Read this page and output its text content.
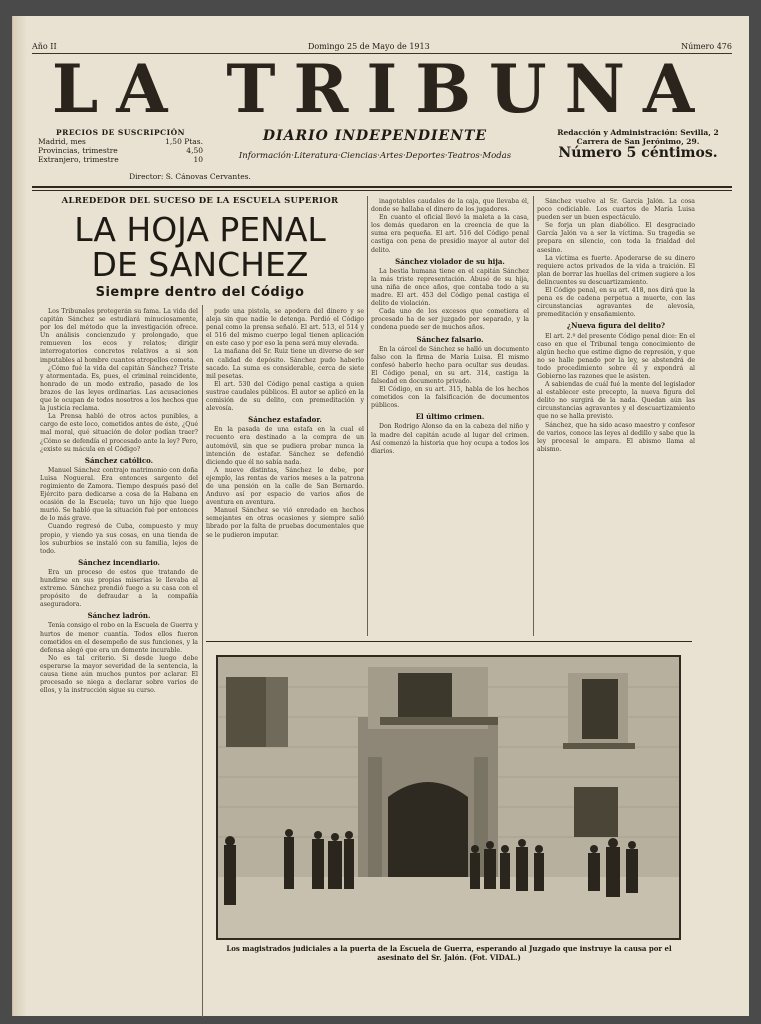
Año II	Domingo 25 de Mayo de 1913	Número 476
LA TRIBUNA
PRECIOS DE SUSCRIPCIÓN
Madrid, mes	1,50 Ptas.
Provincias, trimestre	4,50
Extranjero, trimestre	10
DIARIO INDEPENDIENTE
Información·Literatura·Ciencias·Artes·Deportes·Teatros·Modas
Redacción y Administración: Sevilla, 2
Carrera de San Jerónimo, 29.
Número 5 céntimos.
Director: S. Cánovas Cervantes.
ALREDEDOR DEL SUCESO DE LA ESCUELA SUPERIOR
LA HOJA PENAL
DE SANCHEZ
Siempre dentro del Código

Los Tribunales protegerán su fama. La vida del capitán Sánchez se estudiará minuciosamente, por los del método que la investigación ofrece. Un análisis concienzudo y prolongado, que remueven los ecos y relatos; dirigir interrogatorios concretos relativos a si son imputables al hombre cuantos atropellos cometa.

¿Cómo fué la vida del capitán Sánchez? Triste y atormentada. Es, pues, el criminal reincidente, honrado de un modo extraño, pasado de los brazos de las leyes ordinarias. Las acusaciones que le ocupan de todos nosotros a los hechos que la justicia reclama.

La Prensa habló de otros actos punibles, a cargo de este loco, cometidos antes de éste, ¿Qué mal moral, qué situación de dolor podían traer? ¿Cómo se defendía el procesado ante la ley? Pero, ¿existe su mácula en el Código?

Sánchez católico.

Manuel Sánchez contrajo matrimonio con doña Luisa Nogueral. Era entonces sargento del regimiento de Zamora. Tiempo después pasó del Ejército para dedicarse a cosa de la Habana en ocasión de la Escuela; tuvo un hijo que luego murió. Se habló que la situación fué por entonces de lo más grave.

Cuando regresó de Cuba, compuesto y muy propio, y viendo ya sus cosas, en una tienda de los suburbios se instaló con su familia, lejos de todo.

Sánchez incendiario.

Era un proceso de estos que tratando de hundirse en sus propias miserias le llevaba al extremo. Sánchez prendió fuego a su casa con el propósito de defraudar a la compañía aseguradora.

Sánchez ladrón.

Tenía consigo el robo en la Escuela de Guerra y hurtos de menor cuantía. Todos ellos fueron cometidos en el desempeño de sus funciones, y la defensa alegó que era un demente incurable.

No es tal criterio. Si desde luego debe esperarse la mayor severidad de la sentencia, la causa tiene aún muchos puntos por aclarar. El procesado se niega a declarar sobre varios de ellos, y la instrucción sigue su curso.

pudo una pistola, se apodera del dinero y se aleja sin que nadie le detenga. Perdió el Código penal como la prensa señaló. El art. 513, el 514 y el 516 del mismo cuerpo legal tienen aplicación en este caso y por eso la pena será muy elevada.

La mañana del Sr. Ruiz tiene un diverso de ser en calidad de depósito. Sánchez pudo haberlo sacado. La suma es considerable, cerca de siete mil pesetas.

El art. 530 del Código penal castiga a quien sustrae caudales públicos. El autor se aplicó en la comisión de su delito, con premeditación y alevosía.

Sánchez estafador.

En la pasada de una estafa en la cual el recuento era destinado a la compra de un automóvil, sin que se pudiera probar nunca la intención de estafar. Sánchez se defendió diciendo que él no sabía nada.

A nueve distintas, Sánchez le debe, por ejemplo, las rentas de varios meses a la patrona de una pensión en la calle de San Bernardo. Anduvo así por espacio de varios años de aventura en aventura.

Manuel Sánchez se vió enredado en hechos semejantes en otras ocasiones y siempre salió librado por la falta de pruebas documentales que se le pudieron imputar.

inagotables caudales de la caja, que llevaba él, donde se hallaba el dinero de los jugadores.

En cuanto el oficial llevó la maleta a la casa, los demás quedaron en la creencia de que la suma era pequeña. El art. 516 del Código penal castiga con pena de presidio mayor al autor del delito.

Sánchez violador de su hija.

La bestia humana tiene en el capitán Sánchez la más triste representación. Abusó de su hija, una niña de once años, que contaba todo a su madre. El art. 453 del Código penal castiga el delito de violación.

Cada uno de los excesos que cometiera el procesado ha de ser juzgado por separado, y la condena puede ser de muchos años.

Sánchez falsario.

En la cárcel de Sánchez se halló un documento falso con la firma de María Luisa. Él mismo confesó haberlo hecho para ocultar sus deudas. El Código penal, en su art. 314, castiga la falsedad en documento privado.

El Código, en su art. 315, habla de los hechos cometidos con la falsificación de documentos públicos.

El último crimen.

Don Rodrigo Alonso da en la cabeza del niño y la madre del capitán acude al lugar del crimen. Así comenzó la historia que hoy ocupa a todos los diarios.

Sánchez vuelve al Sr. García Jalón. La cosa poco codiciable. Los cuartos de María Luisa pueden ser un buen espectáculo.

Se forja un plan diabólico. El desgraciado García Jalón va a ser la víctima. Su tragedia se prepara en silencio, con toda la frialdad del asesino.

La víctima es fuerte. Apoderarse de su dinero requiere actos privados de la vida a traición. El plan de borrar las huellas del crimen sugiere a los delincuentes su descuartizamiento.

El Código penal, en su art. 418, nos dirá que la pena es de cadena perpetua a muerte, con las circunstancias agravantes de alevosía, premeditación y ensañamiento.

¿Nueva figura del delito?

El art. 2.º del presente Código penal dice: En el caso en que el Tribunal tenga conocimiento de algún hecho que estime digno de represión, y que no se halle penado por la ley, se abstendrá de todo procedimiento sobre él y expondrá al Gobierno las razones que le asisten.

A sabiendas de cuál fué la mente del legislador al establecer este precepto, la nueva figura del delito no surgirá de la nada. Quedan aún las circunstancias agravantes y el descuartizamiento que no se halla previsto.

Sánchez, que ha sido acaso maestro y confesor de varios, conoce las leyes al dedillo y sabe que la ley procesal le ampara. El abismo llama al abismo.

Los magistrados judiciales a la puerta de la Escuela de Guerra, esperando al Juzgado que instruye la causa por el asesinato del Sr. Jalón. (Fot. VIDAL.)
